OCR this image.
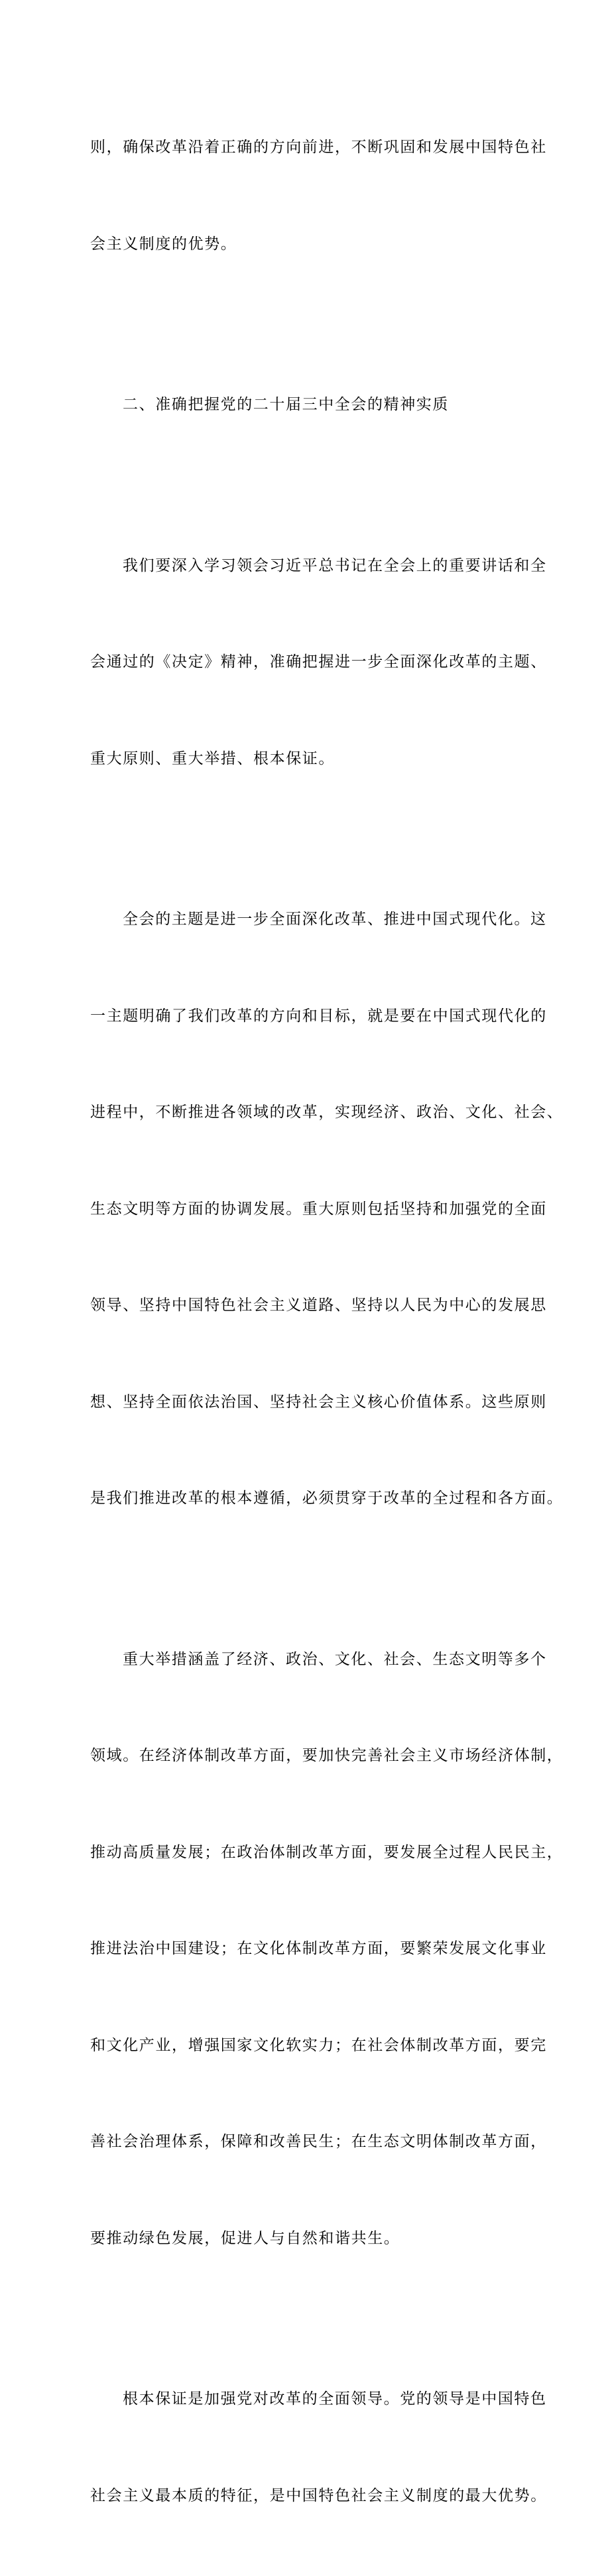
则，确保改革沿着正确的方向前进，不断巩固和发展中国特色社

会主义制度的优势。

二、准确把握党的二十届三中全会的精神实质

我们要深入学习领会习近平总书记在全会上的重要讲话和全

会通过的《决定》精神，准确把握进一步全面深化改革的主题、

重大原则、重大举措、根本保证。

全会的主题是进一步全面深化改革、推进中国式现代化。这

一主题明确了我们改革的方向和目标，就是要在中国式现代化的

进程中，不断推进各领域的改革，实现经济、政治、文化、社会、

生态文明等方面的协调发展。重大原则包括坚持和加强党的全面

领导、坚持中国特色社会主义道路、坚持以人民为中心的发展思

想、坚持全面依法治国、坚持社会主义核心价值体系。这些原则

是我们推进改革的根本遵循，必须贯穿于改革的全过程和各方面。

重大举措涵盖了经济、政治、文化、社会、生态文明等多个

领域。在经济体制改革方面，要加快完善社会主义市场经济体制，

推动高质量发展；在政治体制改革方面，要发展全过程人民民主，

推进法治中国建设；在文化体制改革方面，要繁荣发展文化事业

和文化产业，增强国家文化软实力；在社会体制改革方面，要完

善社会治理体系，保障和改善民生；在生态文明体制改革方面，

要推动绿色发展，促进人与自然和谐共生。

根本保证是加强党对改革的全面领导。党的领导是中国特色

社会主义最本质的特征，是中国特色社会主义制度的最大优势。
